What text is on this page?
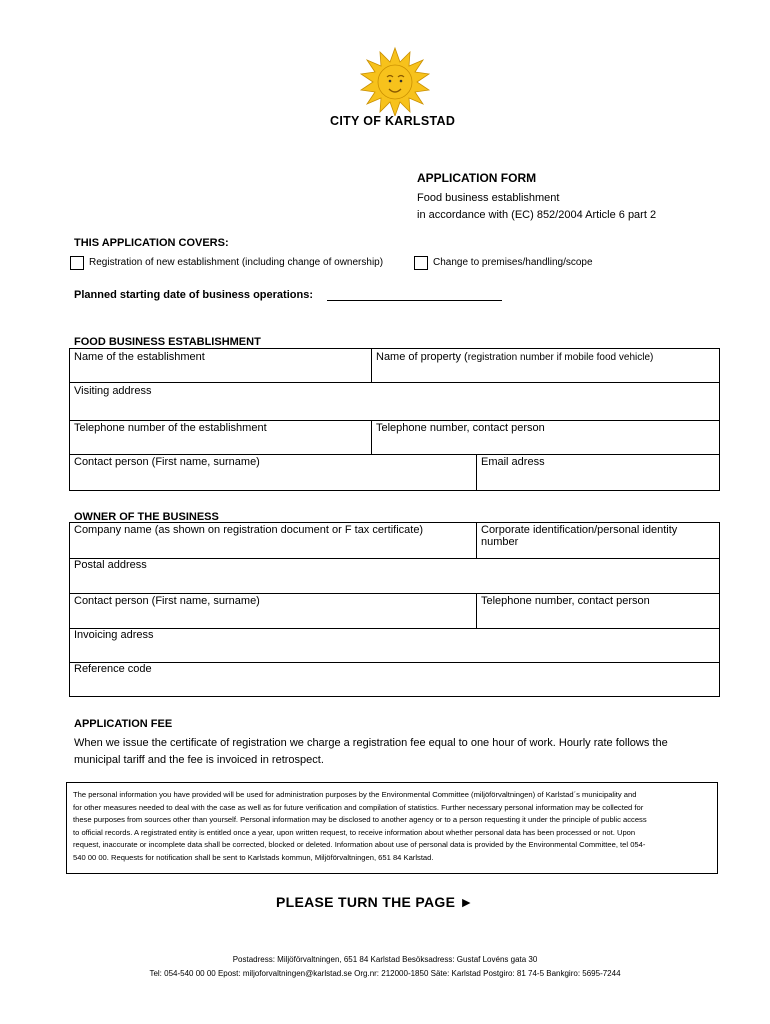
CITY OF KARLSTAD
APPLICATION FORM
Food business establishment
in accordance with (EC) 852/2004 Article 6 part 2
THIS APPLICATION COVERS:
Registration of new establishment (including change of ownership)	Change to premises/handling/scope
Planned starting date of business operations:
FOOD BUSINESS ESTABLISHMENT
Name of the establishment	Name of property (registration number if mobile food vehicle)
Visiting address
Telephone number of the establishment	Telephone number, contact person
Contact person (First name, surname)	Email adress
OWNER OF THE BUSINESS
Company name (as shown on registration document or F tax certificate)	Corporate identification/personal identity
number
Postal address
Contact person (First name, surname)	Telephone number, contact person
Invoicing adress
Reference code
APPLICATION FEE
When we issue the certificate of registration we charge a registration fee equal to one hour of work. Hourly rate follows the
municipal tariff and the fee is invoiced in retrospect.
The personal information you have provided will be used for administration purposes by the Environmental Committee (miljöförvaltningen) of Karlstad´s municipality and
for other measures needed to deal with the case as well as for future verification and compilation of statistics. Further necessary personal information may be collected for
these purposes from sources other than yourself. Personal information may be disclosed to another agency or to a person requesting it under the principle of public access
to official records. A registrated entity is entitled once a year, upon written request, to receive information about whether personal data has been processed or not. Upon
request, inaccurate or incomplete data shall be corrected, blocked or deleted. Information about use of personal data is provided by the Environmental Committee, tel 054-
540 00 00. Requests for notification shall be sent to Karlstads kommun, Miljöförvaltningen, 651 84 Karlstad.
PLEASE TURN THE PAGE ►
Postadress: Miljöförvaltningen, 651 84 Karlstad Besöksadress: Gustaf Lovéns gata 30
Tel: 054-540 00 00 Epost: miljoforvaltningen@karlstad.se Org.nr: 212000-1850 Säte: Karlstad Postgiro: 81 74-5 Bankgiro: 5695-7244
